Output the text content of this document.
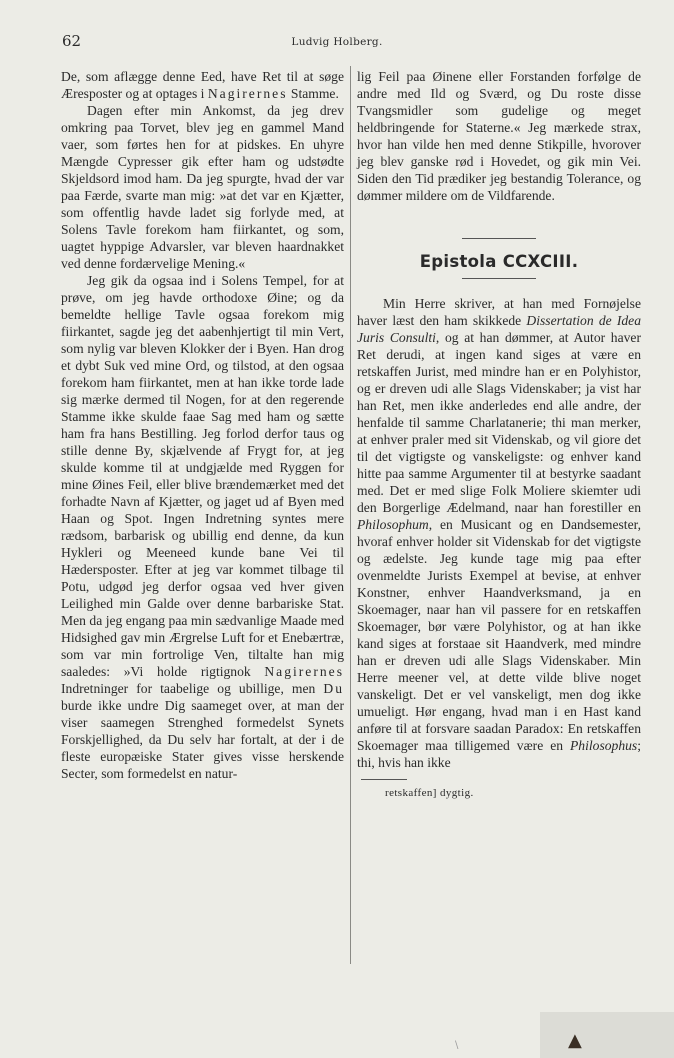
62	Ludvig Holberg.

De, som aflægge denne Eed, have Ret til at søge Æresposter og at optages i Nagirernes Stamme.

Dagen efter min Ankomst, da jeg drev omkring paa Torvet, blev jeg en gammel Mand vaer, som førtes hen for at pidskes. En uhyre Mængde Cypresser gik efter ham og udstødte Skjeldsord imod ham. Da jeg spurgte, hvad der var paa Færde, svarte man mig: »at det var en Kjætter, som offentlig havde ladet sig forlyde med, at Solens Tavle forekom ham fiirkantet, og som, uagtet hyppige Advarsler, var bleven haardnakket ved denne fordærvelige Mening.«

Jeg gik da ogsaa ind i Solens Tempel, for at prøve, om jeg havde orthodoxe Øine; og da bemeldte hellige Tavle ogsaa forekom mig fiirkantet, sagde jeg det aabenhjertigt til min Vert, som nylig var bleven Klokker der i Byen. Han drog et dybt Suk ved mine Ord, og tilstod, at den ogsaa forekom ham fiirkantet, men at han ikke torde lade sig mærke dermed til Nogen, for at den regerende Stamme ikke skulde faae Sag med ham og sætte ham fra hans Bestilling. Jeg forlod derfor taus og stille denne By, skjælvende af Frygt for, at jeg skulde komme til at undgjælde med Ryggen for mine Øines Feil, eller blive brændemærket med det forhadte Navn af Kjætter, og jaget ud af Byen med Haan og Spot. Ingen Indretning syntes mere rædsom, barbarisk og ubillig end denne, da kun Hykleri og Meeneed kunde bane Vei til Hædersposter. Efter at jeg var kommet tilbage til Potu, udgød jeg derfor ogsaa ved hver given Leilighed min Galde over denne barbariske Stat. Men da jeg engang paa min sædvanlige Maade med Hidsighed gav min Ærgrelse Luft for et Enebærtræ, som var min fortrolige Ven, tiltalte han mig saaledes: »Vi holde rigtignok Nagirernes Indretninger for taabelige og ubillige, men Du burde ikke undre Dig saameget over, at man der viser saamegen Strenghed formedelst Synets Forskjellighed, da Du selv har fortalt, at der i de fleste europæiske Stater gives visse herskende Secter, som formedelst en natur-

lig Feil paa Øinene eller Forstanden forfølge de andre med Ild og Sværd, og Du roste disse Tvangsmidler som gudelige og meget heldbringende for Staterne.« Jeg mærkede strax, hvor han vilde hen med denne Stikpille, hvorover jeg blev ganske rød i Hovedet, og gik min Vei. Siden den Tid prædiker jeg bestandig Tolerance, og dømmer mildere om de Vildfarende.

Epistola CCXCIII.

Min Herre skriver, at han med Fornøjelse haver læst den ham skikkede Dissertation de Idea Juris Consulti, og at han dømmer, at Autor haver Ret derudi, at ingen kand siges at være en retskaffen Jurist, med mindre han er en Polyhistor, og er dreven udi alle Slags Videnskaber; ja vist har han Ret, men ikke anderledes end alle andre, der henfalde til samme Charlatanerie; thi man merker, at enhver praler med sit Videnskab, og vil giore det til det vigtigste og vanskeligste: og enhver kand hitte paa samme Argumenter til at bestyrke saadant med. Det er med slige Folk Moliere skiemter udi den Borgerlige Ædelmand, naar han forestiller en Philosophum, en Musicant og en Dandsemester, hvoraf enhver holder sit Videnskab for det vigtigste og ædelste. Jeg kunde tage mig paa efter ovenmeldte Jurists Exempel at bevise, at enhver Konstner, enhver Haandverksmand, ja en Skoemager, naar han vil passere for en retskaffen Skoemager, bør være Polyhistor, og at han ikke kand siges at forstaae sit Haandverk, med mindre han er dreven udi alle Slags Videnskaber. Min Herre meener vel, at dette vilde blive noget vanskeligt. Det er vel vanskeligt, men dog ikke umueligt. Hør engang, hvad man i en Hast kand anføre til at forsvare saadan Paradox: En retskaffen Skoemager maa tilligemed være en Philosophus; thi, hvis han ikke

retskaffen] dygtig.

\	▲
